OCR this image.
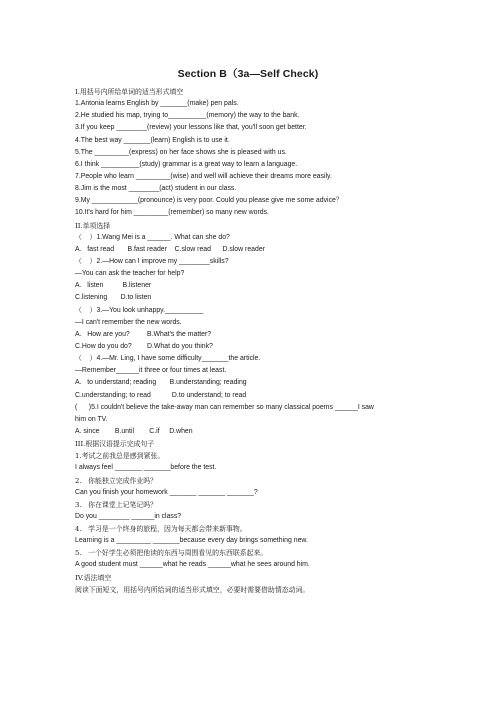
Section B（3a—Self Check)
I.用括号内所给单词的适当形式填空
1.Antonia learns English by _______(make) pen pals.
2.He studied his map, trying to__________(memory) the way to the bank.
3.If you keep ________(review) your lessons like that, you'll soon get better.
4.The best way _______(learn) English is to use it.
5.The _________(express) on her face shows she is pleased with us.
6.I think __________(study) grammar is a great way to learn a language.
7.People who learn _________(wise) and well will achieve their dreams more easily.
8.Jim is the most ________(act) student in our class.
9.My ____________(pronounce) is very poor. Could you please give me some advice？
10.It's hard for him _________(remember) so many new words.
II.单项选择
（    ）1.Wang Mei is a ______. What can she do?
A.   fast read       B.fast reader    C.slow read      D.slow reader
（    ）2.—How can I improve my ________skills?
—You can ask the teacher for help?
A.   listen          B.listener
C.listening       D.to listen
（    ）3.—You look unhappy.__________
—I can't remember the new words.
A.   How are you?         B.What's the matter?
C.How do you do?        D.What do you think?
（    ）4.—Mr. Ling, I have some difficulty_______the article.
—Remember______it three or four times at least.
A.   to understand; reading       B.understanding; reading
C.understanding; to read           D.to understand; to read
(      )5.I couldn't believe the take-away man can remember so many classical poems ______I saw
him on TV.
A. since        B.until        C.if     D.when
III.根据汉语提示完成句子
1.考试之前我总是感到紧张。
I always feel _______ _______before the test.
2.   你能独立完成作业吗？
Can you finish your homework _______ _______ _______?
3.   你在课堂上记笔记吗？
Do you ________ ______in class?
4.   学习是一个终身的旅程，因为每天都会带来新事物。
Learning is a _________ _______because every day brings something new.
5.   一个好学生必须把他读的东西与周围看见的东西联系起来。
A good student must ______what he reads ______what he sees around him.
IV.语法填空
阅读下面短文，用括号内所给词的适当形式填空，必要时需要借助情态动词。
